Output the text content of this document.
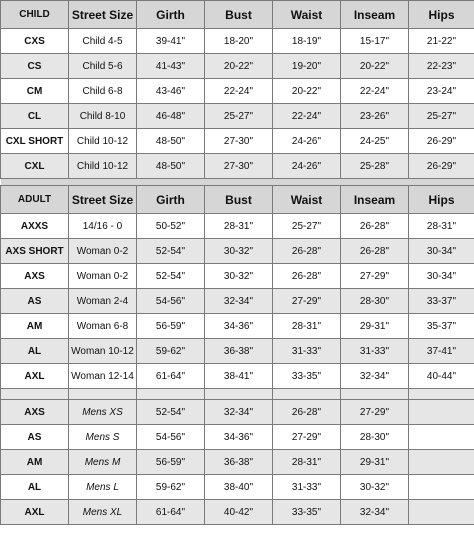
CHILD	Street Size	Girth	Bust	Waist	Inseam	Hips
CXS	Child 4-5	39-41"	18-20"	18-19"	15-17"	21-22"
CS	Child 5-6	41-43"	20-22"	19-20"	20-22"	22-23"
CM	Child 6-8	43-46"	22-24"	20-22"	22-24"	23-24"
CL	Child 8-10	46-48"	25-27"	22-24"	23-26"	25-27"
CXL SHORT	Child 10-12	48-50"	27-30"	24-26"	24-25"	26-29"
CXL	Child 10-12	48-50"	27-30"	24-26"	25-28"	26-29"

ADULT	Street Size	Girth	Bust	Waist	Inseam	Hips
AXXS	14/16 - 0	50-52"	28-31"	25-27"	26-28"	28-31"
AXS SHORT	Woman 0-2	52-54"	30-32"	26-28"	26-28"	30-34"
AXS	Woman 0-2	52-54"	30-32"	26-28"	27-29"	30-34"
AS	Woman 2-4	54-56"	32-34"	27-29"	28-30"	33-37"
AM	Woman 6-8	56-59"	34-36"	28-31"	29-31"	35-37"
AL	Woman 10-12	59-62"	36-38"	31-33"	31-33"	37-41"
AXL	Woman 12-14	61-64"	38-41"	33-35"	32-34"	40-44"

AXS	Mens XS	52-54"	32-34"	26-28"	27-29"	
AS	Mens S	54-56"	34-36"	27-29"	28-30"	
AM	Mens M	56-59"	36-38"	28-31"	29-31"	
AL	Mens L	59-62"	38-40"	31-33"	30-32"	
AXL	Mens XL	61-64"	40-42"	33-35"	32-34"	
